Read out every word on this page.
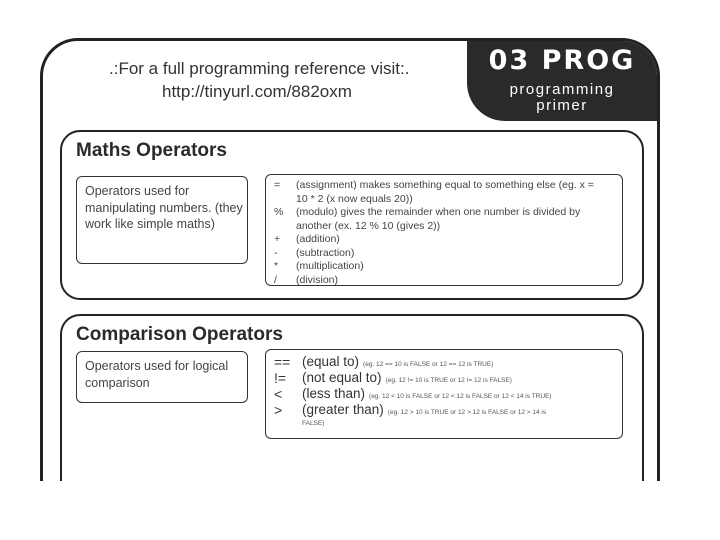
.:For a full programming reference visit:.
http://tinyurl.com/882oxm
03 PROG
programming
primer
Maths Operators
Operators used for manipulating numbers. (they work like simple maths)
= (assignment) makes something equal to something else (eg. x =
10 * 2 (x now equals 20))
% (modulo) gives the remainder when one number is divided by
another (ex. 12 % 10 (gives 2))
+ (addition)
- (subtraction)
* (multiplication)
/ (division)
Comparison Operators
Operators used for logical comparison
== (equal to) (eg. 12 == 10 is FALSE or 12 == 12 is TRUE)
!= (not equal to) (eg. 12 != 10 is TRUE or 12 != 12 is FALSE)
< (less than) (eg. 12 < 10 is FALSE or 12 < 12 is FALSE or 12 < 14 is TRUE)
> (greater than) (eg. 12 > 10 is TRUE or 12 > 12 is FALSE or 12 > 14 is
FALSE)
